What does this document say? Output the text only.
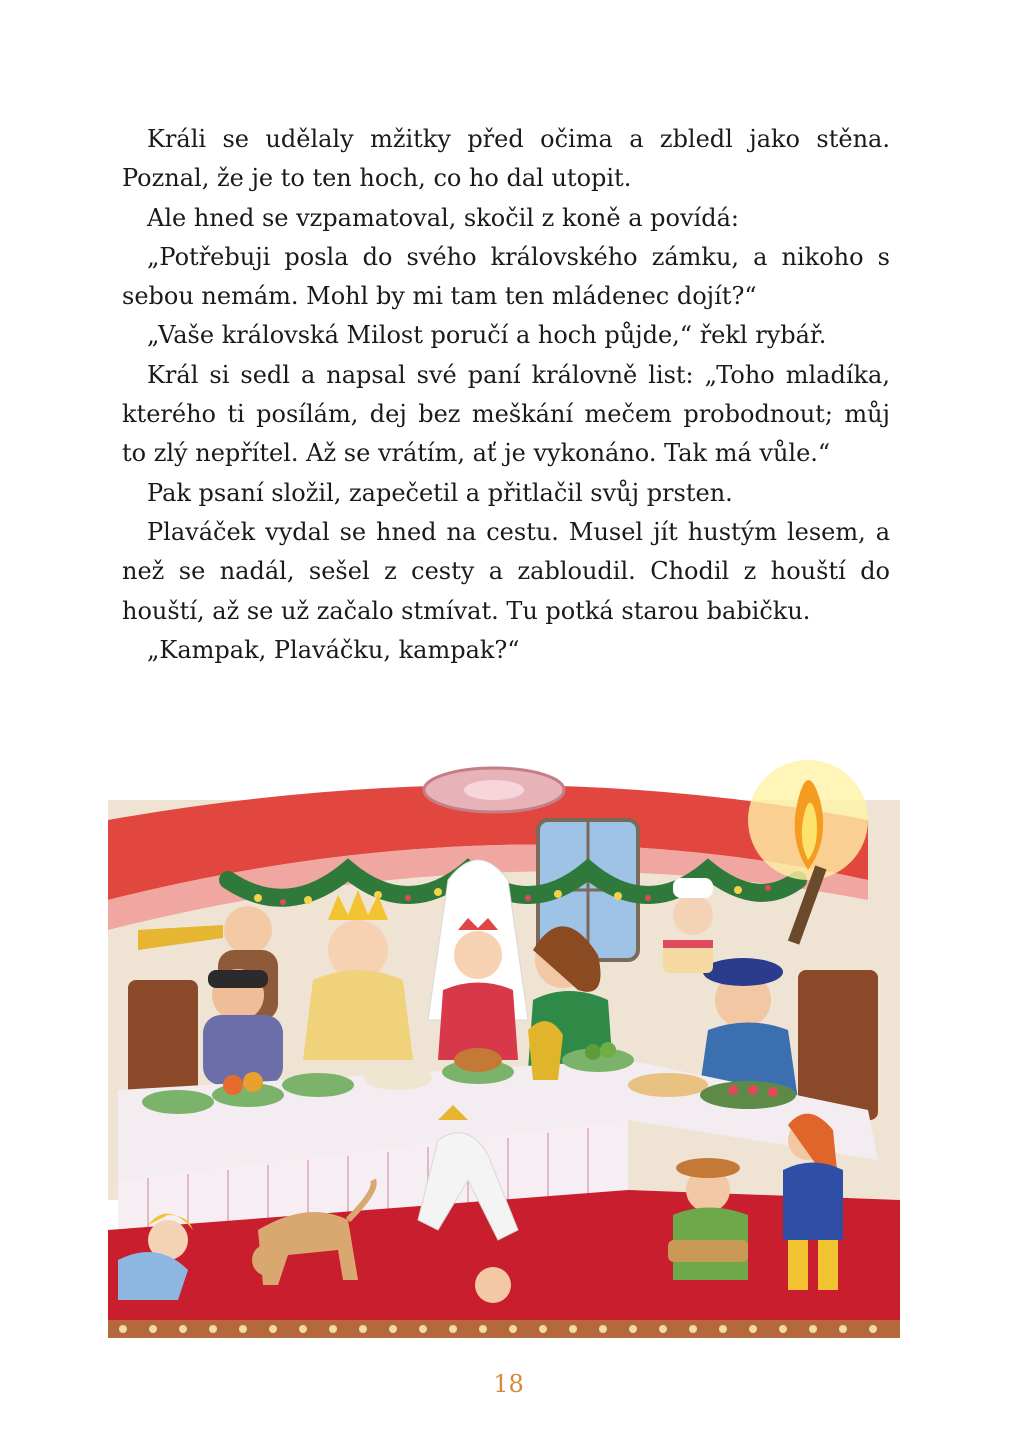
Králi se udělaly mžitky před očima a zbledl jako stěna. Poznal, že je to ten hoch, co ho dal utopit.

Ale hned se vzpamatoval, skočil z koně a povídá:

„Potřebuji posla do svého královského zámku, a nikoho s sebou nemám. Mohl by mi tam ten mládenec dojít?“

„Vaše královská Milost poručí a hoch půjde,“ řekl rybář.

Král si sedl a napsal své paní královně list: „Toho mladíka, kterého ti posílám, dej bez meškání mečem probodnout; můj to zlý nepřítel. Až se vrátím, ať je vykonáno. Tak má vůle.“

Pak psaní složil, zapečetil a přitlačil svůj prsten.

Plaváček vydal se hned na cestu. Musel jít hustým lesem, a než se nadál, sešel z cesty a zabloudil. Chodil z houští do houští, až se už začalo stmívat. Tu potká starou babičku.

„Kampak, Plaváčku, kampak?“

18
